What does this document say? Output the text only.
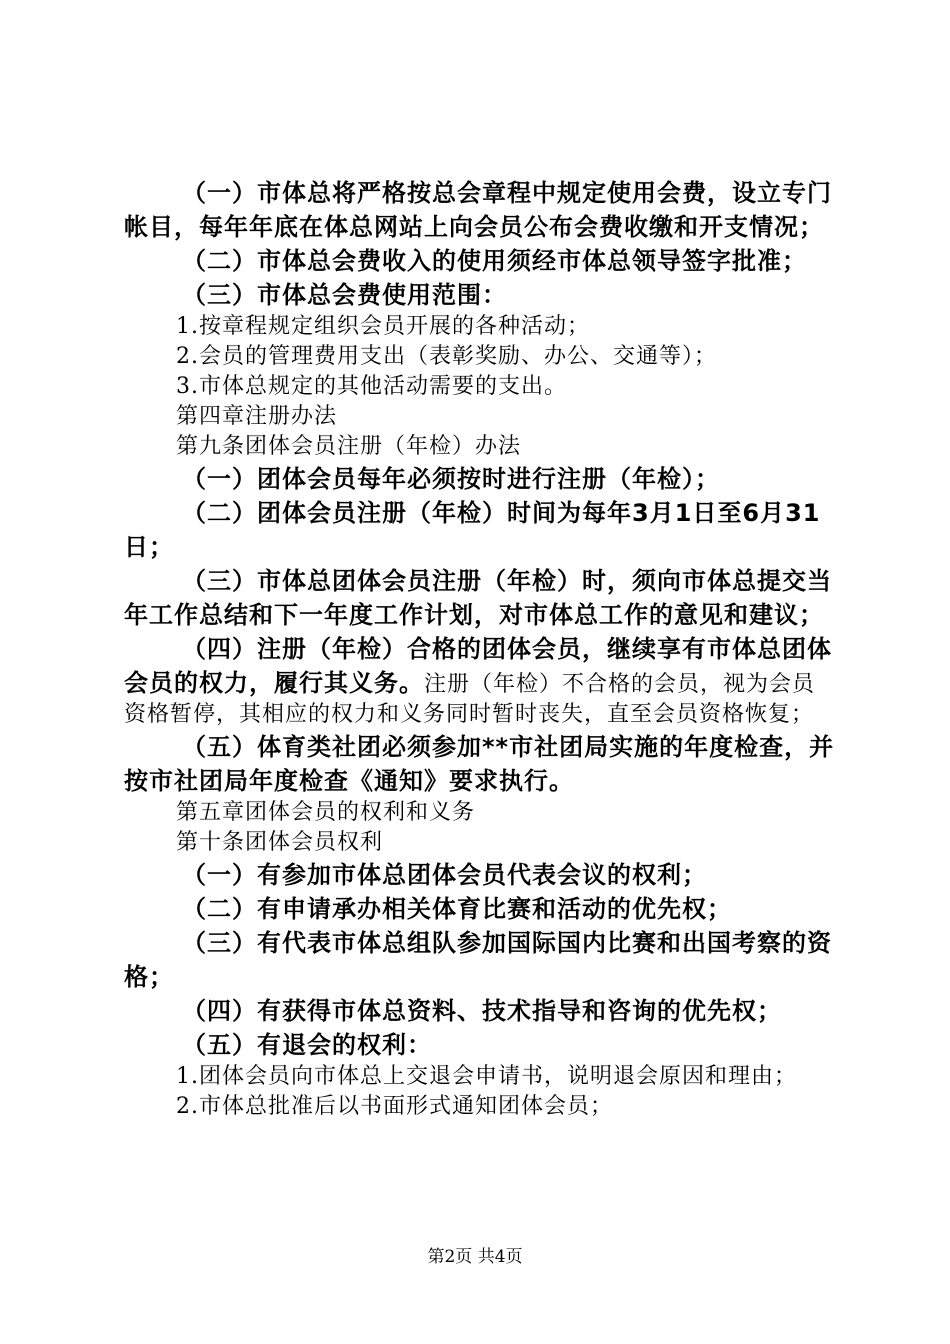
（一）市体总将严格按总会章程中规定使用会费，设立专门帐目，每年年底在体总网站上向会员公布会费收缴和开支情况；

（二）市体总会费收入的使用须经市体总领导签字批准；

（三）市体总会费使用范围：

1.按章程规定组织会员开展的各种活动；

2.会员的管理费用支出（表彰奖励、办公、交通等）；

3.市体总规定的其他活动需要的支出。

第四章注册办法

第九条团体会员注册（年检）办法

（一）团体会员每年必须按时进行注册（年检）；

（二）团体会员注册（年检）时间为每年3月1日至6月31日；

（三）市体总团体会员注册（年检）时，须向市体总提交当年工作总结和下一年度工作计划，对市体总工作的意见和建议；

（四）注册（年检）合格的团体会员，继续享有市体总团体会员的权力，履行其义务。注册（年检）不合格的会员，视为会员资格暂停，其相应的权力和义务同时暂时丧失，直至会员资格恢复；

（五）体育类社团必须参加**市社团局实施的年度检查，并按市社团局年度检查《通知》要求执行。

第五章团体会员的权利和义务

第十条团体会员权利

（一）有参加市体总团体会员代表会议的权利；

（二）有申请承办相关体育比赛和活动的优先权；

（三）有代表市体总组队参加国际国内比赛和出国考察的资格；

（四）有获得市体总资料、技术指导和咨询的优先权；

（五）有退会的权利：

1.团体会员向市体总上交退会申请书，说明退会原因和理由；

2.市体总批准后以书面形式通知团体会员；

第2页 共4页
